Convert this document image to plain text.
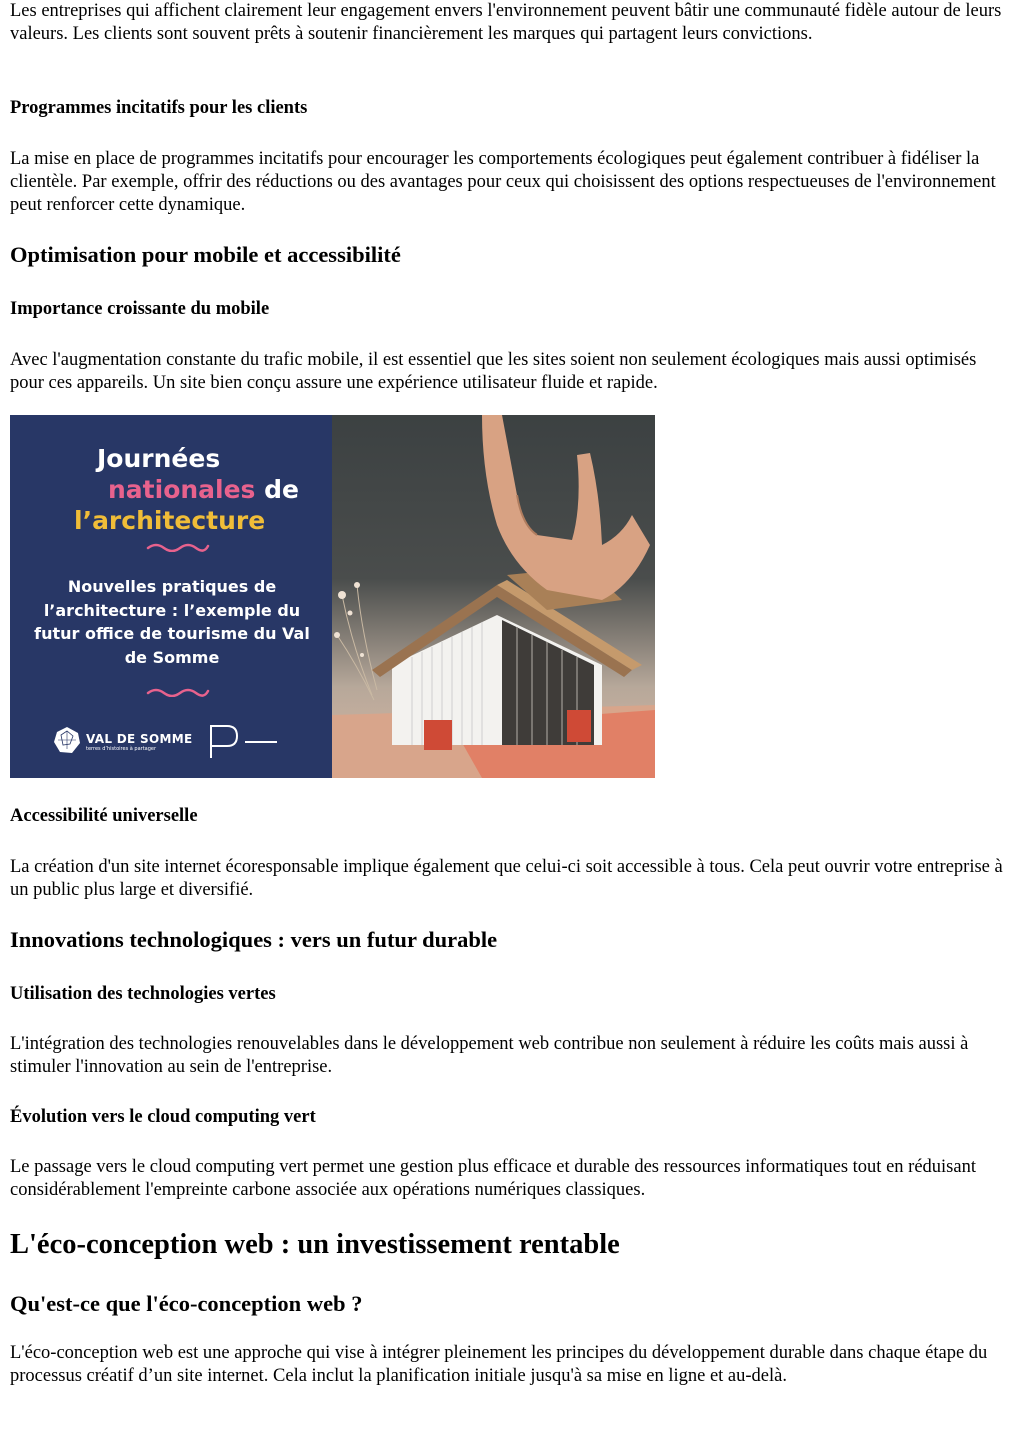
Les entreprises qui affichent clairement leur engagement envers l'environnement peuvent bâtir une communauté fidèle autour de leurs valeurs. Les clients sont souvent prêts à soutenir financièrement les marques qui partagent leurs convictions.

Programmes incitatifs pour les clients

La mise en place de programmes incitatifs pour encourager les comportements écologiques peut également contribuer à fidéliser la clientèle. Par exemple, offrir des réductions ou des avantages pour ceux qui choisissent des options respectueuses de l'environnement peut renforcer cette dynamique.

Optimisation pour mobile et accessibilité
Importance croissante du mobile

Avec l'augmentation constante du trafic mobile, il est essentiel que les sites soient non seulement écologiques mais aussi optimisés pour ces appareils. Un site bien conçu assure une expérience utilisateur fluide et rapide.

Journées
nationales de
l’architecture
Nouvelles pratiques de l’architecture : l’exemple du futur office de tourisme du Val de Somme
VAL DE SOMME
terres d’histoires à partager
Accessibilité universelle

La création d'un site internet écoresponsable implique également que celui-ci soit accessible à tous. Cela peut ouvrir votre entreprise à un public plus large et diversifié.

Innovations technologiques : vers un futur durable
Utilisation des technologies vertes

L'intégration des technologies renouvelables dans le développement web contribue non seulement à réduire les coûts mais aussi à stimuler l'innovation au sein de l'entreprise.

Évolution vers le cloud computing vert

Le passage vers le cloud computing vert permet une gestion plus efficace et durable des ressources informatiques tout en réduisant considérablement l'empreinte carbone associée aux opérations numériques classiques.

L'éco-conception web : un investissement rentable
Qu'est-ce que l'éco-conception web ?

L'éco-conception web est une approche qui vise à intégrer pleinement les principes du développement durable dans chaque étape du processus créatif d’un site internet. Cela inclut la planification initiale jusqu'à sa mise en ligne et au-delà.
